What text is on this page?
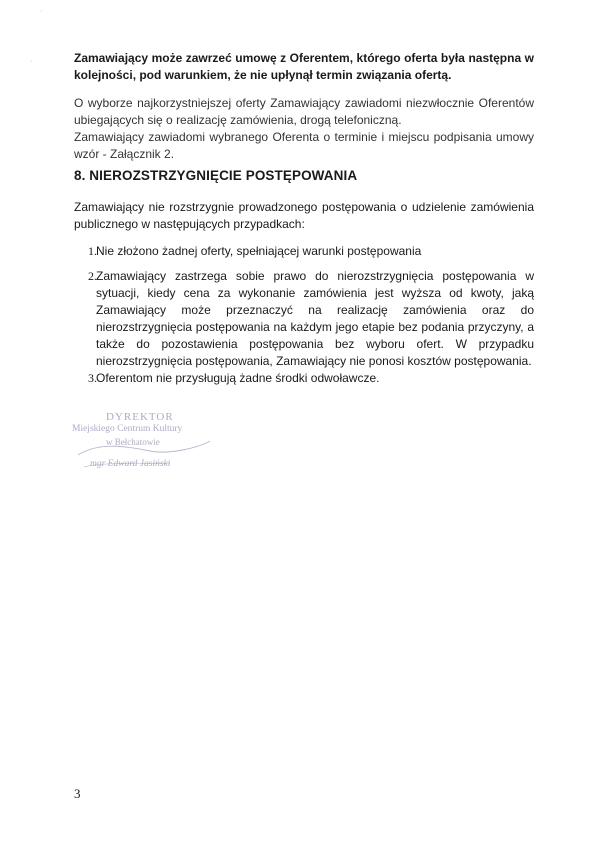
·
·	Zamawiający może zawrzeć umowę z Oferentem, którego oferta była następna w kolejności, pod warunkiem, że nie upłynął termin związania ofertą.

O wyborze najkorzystniejszej oferty Zamawiający zawiadomi niezwłocznie Oferentów ubiegających się o realizację zamówienia, drogą telefoniczną.

Zamawiający zawiadomi wybranego Oferenta o terminie i miejscu podpisania umowy wzór - Załącznik 2.

8. NIEROZSTRZYGNIĘCIE POSTĘPOWANIA

Zamawiający nie rozstrzygnie prowadzonego postępowania o udzielenie zamówienia publicznego w następujących przypadkach:

1. Nie złożono żadnej oferty, spełniającej warunki postępowania
2. Zamawiający zastrzega sobie prawo do nierozstrzygnięcia postępowania w sytuacji, kiedy cena za wykonanie zamówienia jest wyższa od kwoty, jaką Zamawiający może przeznaczyć na realizację zamówienia oraz do nierozstrzygnięcia postępowania na każdym jego etapie bez podania przyczyny, a także do pozostawienia postępowania bez wyboru ofert. W przypadku nierozstrzygnięcia postępowania, Zamawiający nie ponosi kosztów postępowania.
3. Oferentom nie przysługują żadne środki odwoławcze.
DYREKTOR
Miejskiego Centrum Kultury
w Bełchatowie
mgr Edward Jasiński
3
